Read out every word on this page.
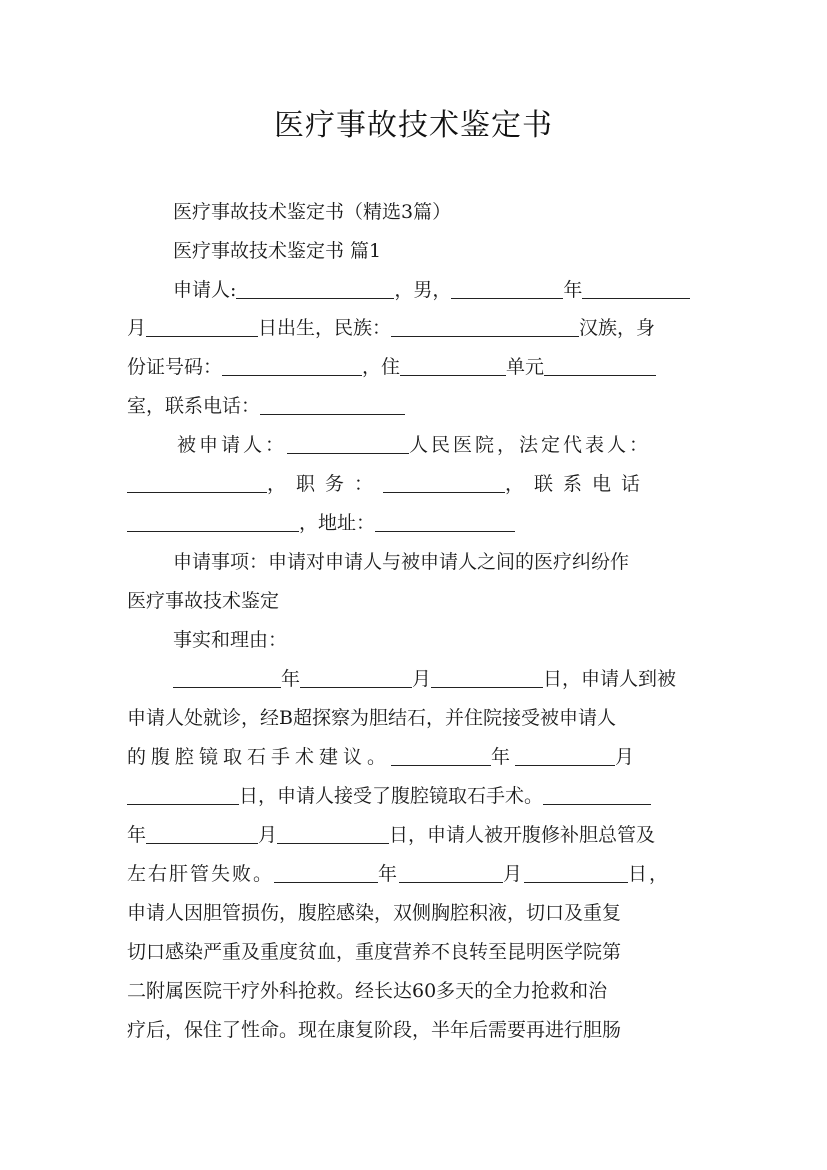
医疗事故技术鉴定书
医疗事故技术鉴定书（精选3篇）
医疗事故技术鉴定书 篇1
申请人:	，男，	年
月	日出生，民族：	汉族，身
份证号码：	，住	单元
室，联系电话：
被申请人：	人民医院，法定代表人：
，职务：	，联系电话
，地址：
申请事项：申请对申请人与被申请人之间的医疗纠纷作
医疗事故技术鉴定
事实和理由：
年	月	日，申请人到被
申请人处就诊，经B超探察为胆结石，并住院接受被申请人
的腹腔镜取石手术建议。	年	月
日，申请人接受了腹腔镜取石手术。
年	月	日，申请人被开腹修补胆总管及
左右肝管失败。	年	月	日，
申请人因胆管损伤，腹腔感染，双侧胸腔积液，切口及重复
切口感染严重及重度贫血，重度营养不良转至昆明医学院第
二附属医院干疗外科抢救。经长达60多天的全力抢救和治
疗后，保住了性命。现在康复阶段，半年后需要再进行胆肠
